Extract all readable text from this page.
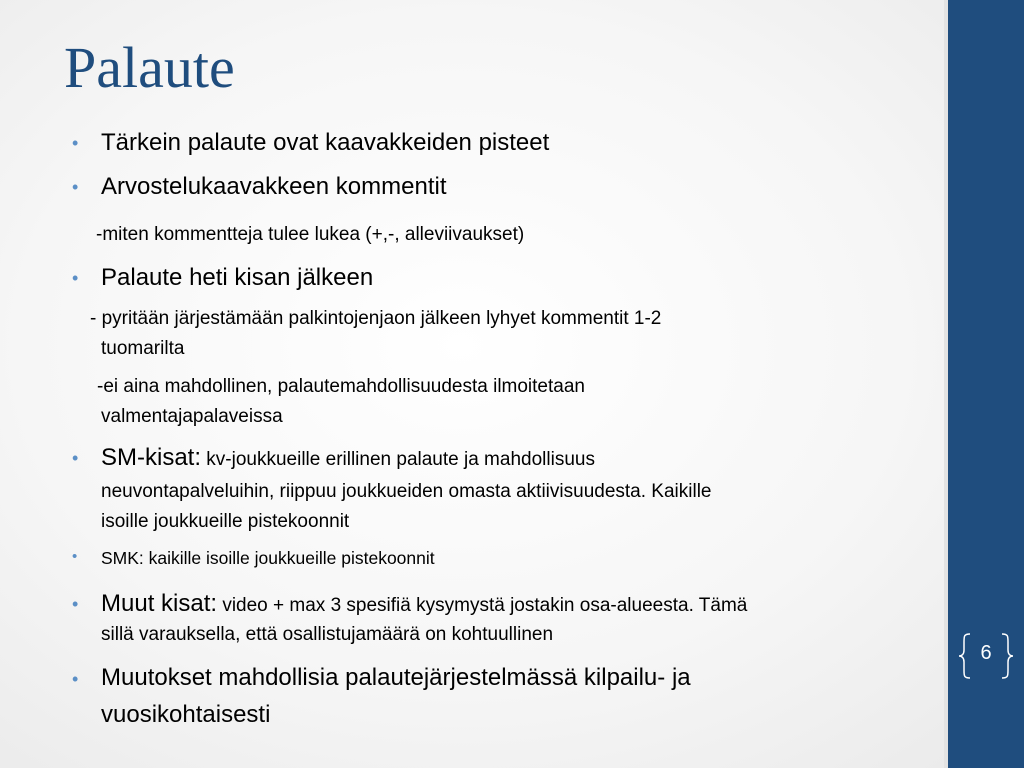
Palaute
• Tärkein palaute ovat kaavakkeiden pisteet
• Arvostelukaavakkeen kommentit
-miten kommentteja tulee lukea (+,-, alleviivaukset)
• Palaute heti kisan jälkeen
- pyritään järjestämään palkintojenjaon jälkeen lyhyet kommentit 1-2
tuomarilta
-ei aina mahdollinen, palautemahdollisuudesta ilmoitetaan
valmentajapalaveissa
• SM-kisat: kv-joukkueille erillinen palaute ja mahdollisuus
neuvontapalveluihin, riippuu joukkueiden omasta aktiivisuudesta. Kaikille
isoille joukkueille pistekoonnit
• SMK: kaikille isoille joukkueille pistekoonnit
• Muut kisat: video + max 3 spesifiä kysymystä jostakin osa-alueesta. Tämä
sillä varauksella, että osallistujamäärä on kohtuullinen
• Muutokset mahdollisia palautejärjestelmässä kilpailu- ja
vuosikohtaisesti
6
